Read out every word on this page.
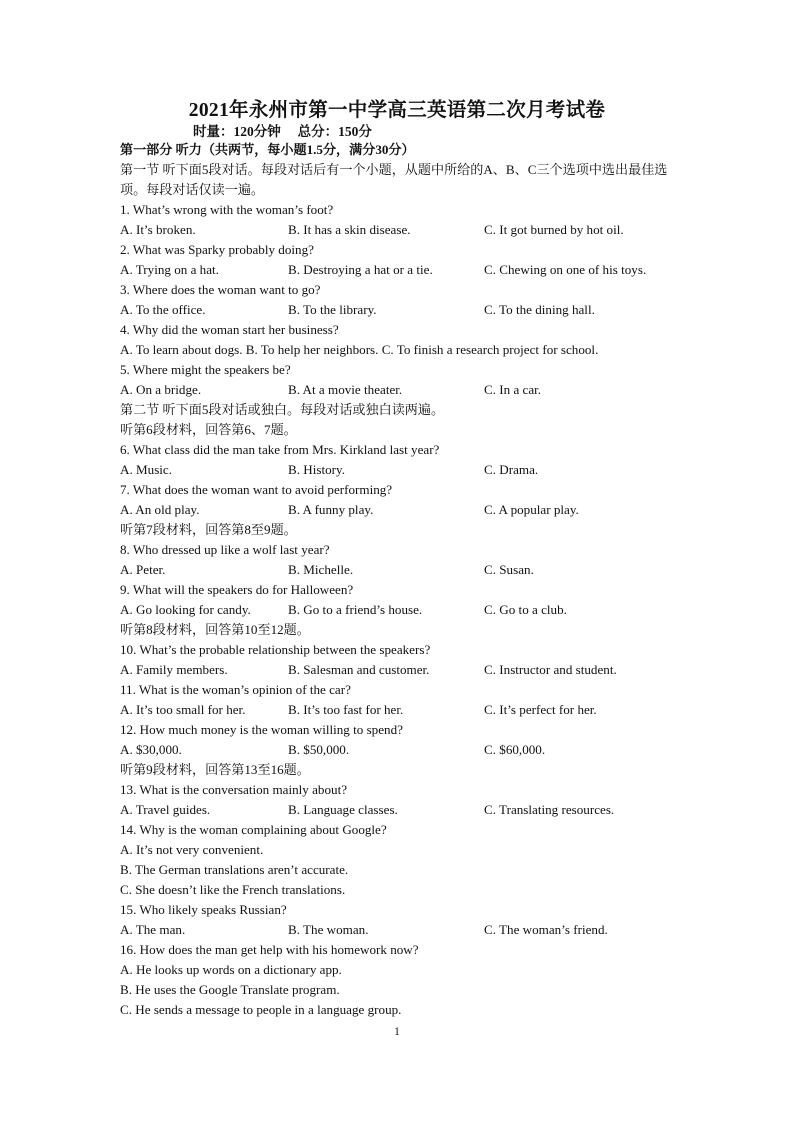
2021年永州市第一中学高三英语第二次月考试卷
时量：120分钟     总分：150分
第一部分 听力（共两节，每小题1.5分，满分30分）
第一节 听下面5段对话。每段对话后有一个小题，从题中所给的A、B、C三个选项中选出最佳选项。每段对话仅读一遍。
1. What’s wrong with the woman’s foot?
A. It’s broken.	B. It has a skin disease.	C. It got burned by hot oil.
2. What was Sparky probably doing?
A. Trying on a hat.	B. Destroying a hat or a tie.	C. Chewing on one of his toys.
3. Where does the woman want to go?
A. To the office.	B. To the library.	C. To the dining hall.
4. Why did the woman start her business?
A. To learn about dogs. B. To help her neighbors. C. To finish a research project for school.
5. Where might the speakers be?
A. On a bridge.	B. At a movie theater.	C. In a car.
第二节 听下面5段对话或独白。每段对话或独白读两遍。
听第6段材料，回答第6、7题。
6. What class did the man take from Mrs. Kirkland last year?
A. Music.	B. History.	C. Drama.
7. What does the woman want to avoid performing?
A. An old play.	B. A funny play.	C. A popular play.
听第7段材料，回答第8至9题。
8. Who dressed up like a wolf last year?
A. Peter.	B. Michelle.	C. Susan.
9. What will the speakers do for Halloween?
A. Go looking for candy.	B. Go to a friend’s house.	C. Go to a club.
听第8段材料，回答第10至12题。
10. What’s the probable relationship between the speakers?
A. Family members.	B. Salesman and customer.	C. Instructor and student.
11. What is the woman’s opinion of the car?
A. It’s too small for her.	B. It’s too fast for her.	C. It’s perfect for her.
12. How much money is the woman willing to spend?
A. $30,000.	B. $50,000.	C. $60,000.
听第9段材料，回答第13至16题。
13. What is the conversation mainly about?
A. Travel guides.	B. Language classes.	C. Translating resources.
14. Why is the woman complaining about Google?
A. It’s not very convenient.
B. The German translations aren’t accurate.
C. She doesn’t like the French translations.
15. Who likely speaks Russian?
A. The man.	B. The woman.	C. The woman’s friend.
16. How does the man get help with his homework now?
A. He looks up words on a dictionary app.
B. He uses the Google Translate program.
C. He sends a message to people in a language group.
1
